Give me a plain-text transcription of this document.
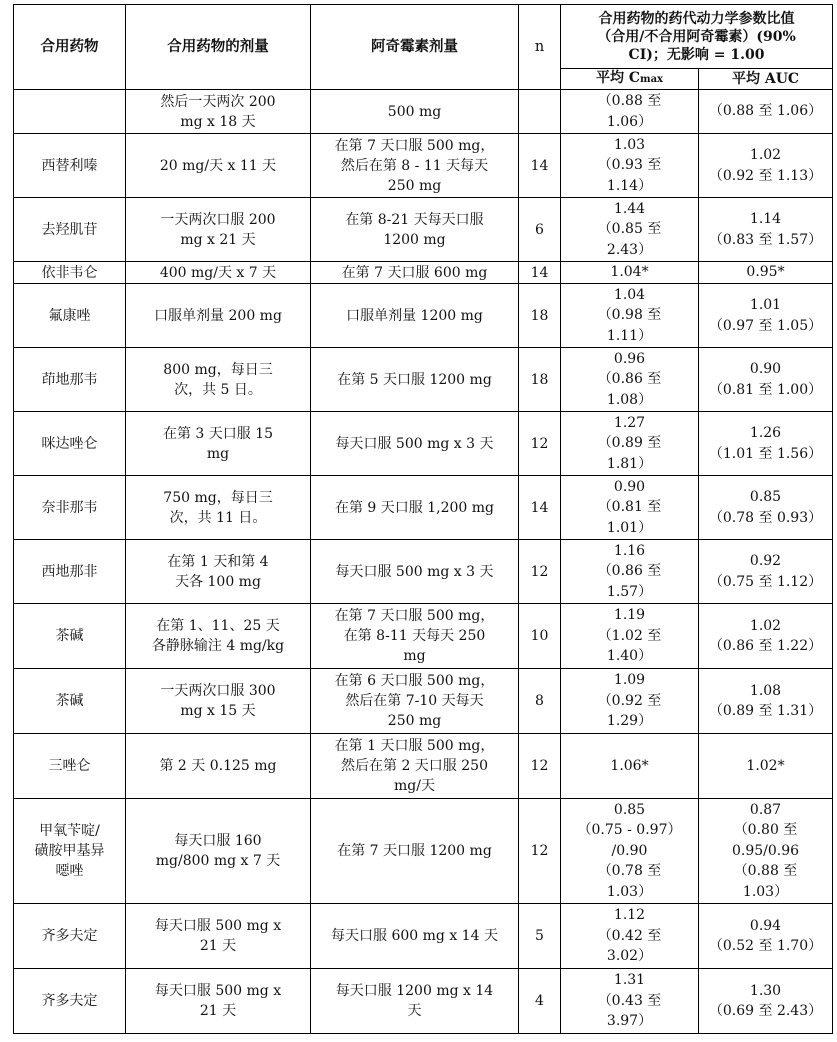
合用药物	合用药物的剂量	阿奇霉素剂量	n	合用药物的药代动力学参数比值
（合用/不合用阿奇霉素）(90%
CI)；无影响 = 1.00	
				平均 Cmax	平均 AUC
	然后一天两次 200
mg x 18 天	500 mg		（0.88 至
1.06）	（0.88 至 1.06）
西替利嗪	20 mg/天 x 11 天	在第 7 天口服 500 mg，
然后在第 8 - 11 天每天
250 mg	14	1.03
（0.93 至
1.14）	1.02
（0.92 至 1.13）
去羟肌苷	一天两次口服 200
mg x 21 天	在第 8-21 天每天口服
1200 mg	6	1.44
（0.85 至
2.43）	1.14
（0.83 至 1.57）
依非韦仑	400 mg/天 x 7 天	在第 7 天口服 600 mg	14	1.04*	0.95*
氟康唑	口服单剂量 200 mg	口服单剂量 1200 mg	18	1.04
（0.98 至
1.11）	1.01
（0.97 至 1.05）
茚地那韦	800 mg，每日三
次，共 5 日。	在第 5 天口服 1200 mg	18	0.96
（0.86 至
1.08）	0.90
（0.81 至 1.00）
咪达唑仑	在第 3 天口服 15
mg	每天口服 500 mg x 3 天	12	1.27
（0.89 至
1.81）	1.26
（1.01 至 1.56）
奈非那韦	750 mg，每日三
次，共 11 日。	在第 9 天口服 1,200 mg	14	0.90
（0.81 至
1.01）	0.85
（0.78 至 0.93）
西地那非	在第 1 天和第 4
天各 100 mg	每天口服 500 mg x 3 天	12	1.16
（0.86 至
1.57）	0.92
（0.75 至 1.12）
茶碱	在第 1、11、25 天
各静脉输注 4 mg/kg	在第 7 天口服 500 mg，
在第 8-11 天每天 250
mg	10	1.19
（1.02 至
1.40）	1.02
（0.86 至 1.22）
茶碱	一天两次口服 300
mg x 15 天	在第 6 天口服 500 mg，
然后在第 7-10 天每天
250 mg	8	1.09
（0.92 至
1.29）	1.08
（0.89 至 1.31）
三唑仑	第 2 天 0.125 mg	在第 1 天口服 500 mg，
然后在第 2 天口服 250
mg/天	12	1.06*	1.02*
甲氧苄啶/
磺胺甲基异
噁唑	每天口服 160
mg/800 mg x 7 天	在第 7 天口服 1200 mg	12	0.85
（0.75 - 0.97）
/0.90
（0.78 至
1.03）	0.87
（0.80 至
0.95/0.96
（0.88 至
1.03）
齐多夫定	每天口服 500 mg x
21 天	每天口服 600 mg x 14 天	5	1.12
（0.42 至
3.02）	0.94
（0.52 至 1.70）
齐多夫定	每天口服 500 mg x
21 天	每天口服 1200 mg x 14
天	4	1.31
（0.43 至
3.97）	1.30
（0.69 至 2.43）
